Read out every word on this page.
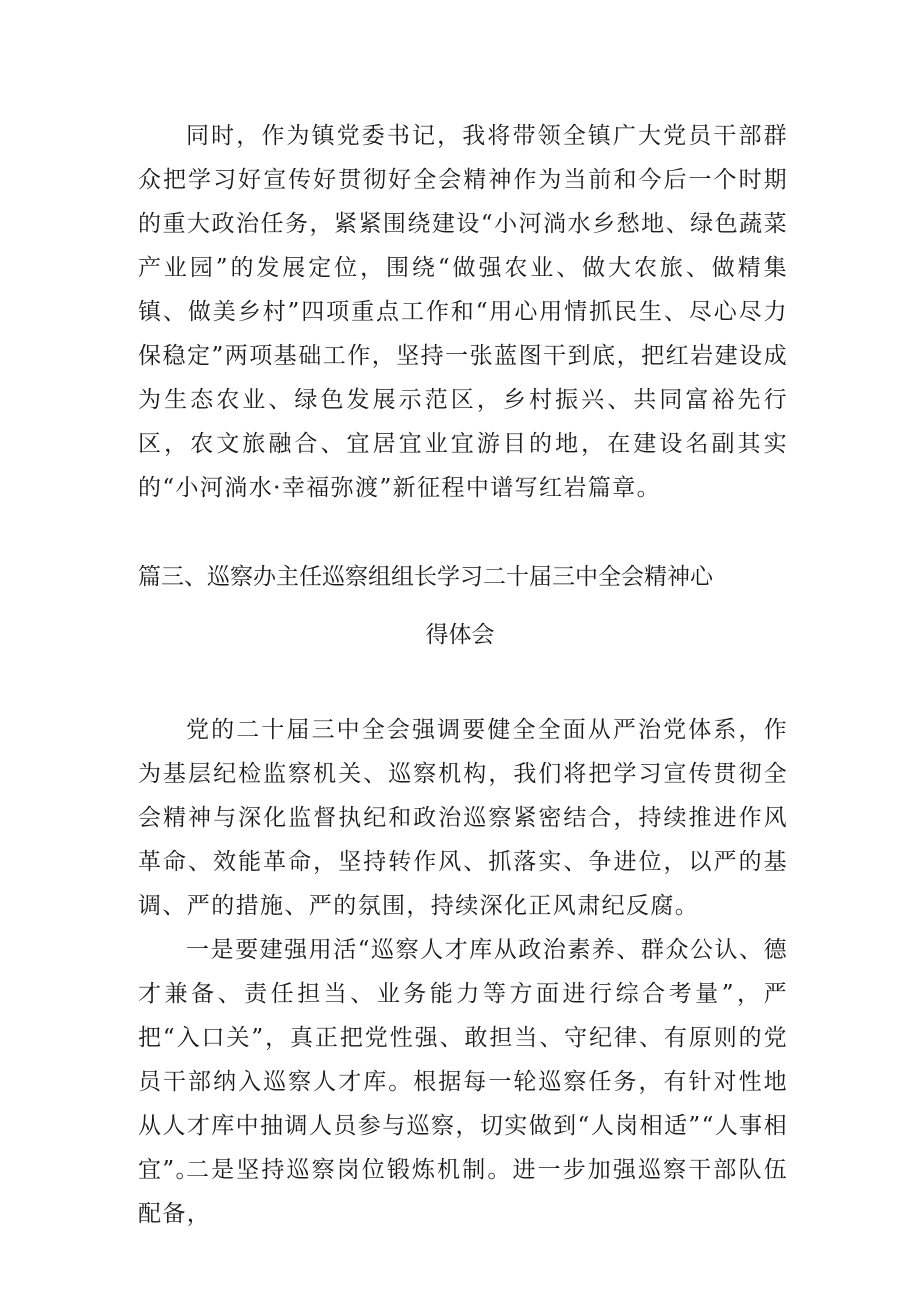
同时，作为镇党委书记，我将带领全镇广大党员干部群众把学习好宣传好贯彻好全会精神作为当前和今后一个时期的重大政治任务，紧紧围绕建设“小河淌水乡愁地、绿色蔬菜产业园”的发展定位，围绕“做强农业、做大农旅、做精集镇、做美乡村”四项重点工作和“用心用情抓民生、尽心尽力保稳定”两项基础工作，坚持一张蓝图干到底，把红岩建设成为生态农业、绿色发展示范区，乡村振兴、共同富裕先行区，农文旅融合、宜居宜业宜游目的地，在建设名副其实的“小河淌水·幸福弥渡”新征程中谱写红岩篇章。

篇三、巡察办主任巡察组组长学习二十届三中全会精神心
得体会

党的二十届三中全会强调要健全全面从严治党体系，作为基层纪检监察机关、巡察机构，我们将把学习宣传贯彻全会精神与深化监督执纪和政治巡察紧密结合，持续推进作风革命、效能革命，坚持转作风、抓落实、争进位，以严的基调、严的措施、严的氛围，持续深化正风肃纪反腐。

一是要建强用活“巡察人才库从政治素养、群众公认、德才兼备、责任担当、业务能力等方面进行综合考量”，严把“入口关”，真正把党性强、敢担当、守纪律、有原则的党员干部纳入巡察人才库。根据每一轮巡察任务，有针对性地从人才库中抽调人员参与巡察，切实做到“人岗相适”“人事相宜”。

二是坚持巡察岗位锻炼机制。进一步加强巡察干部队伍配备，
